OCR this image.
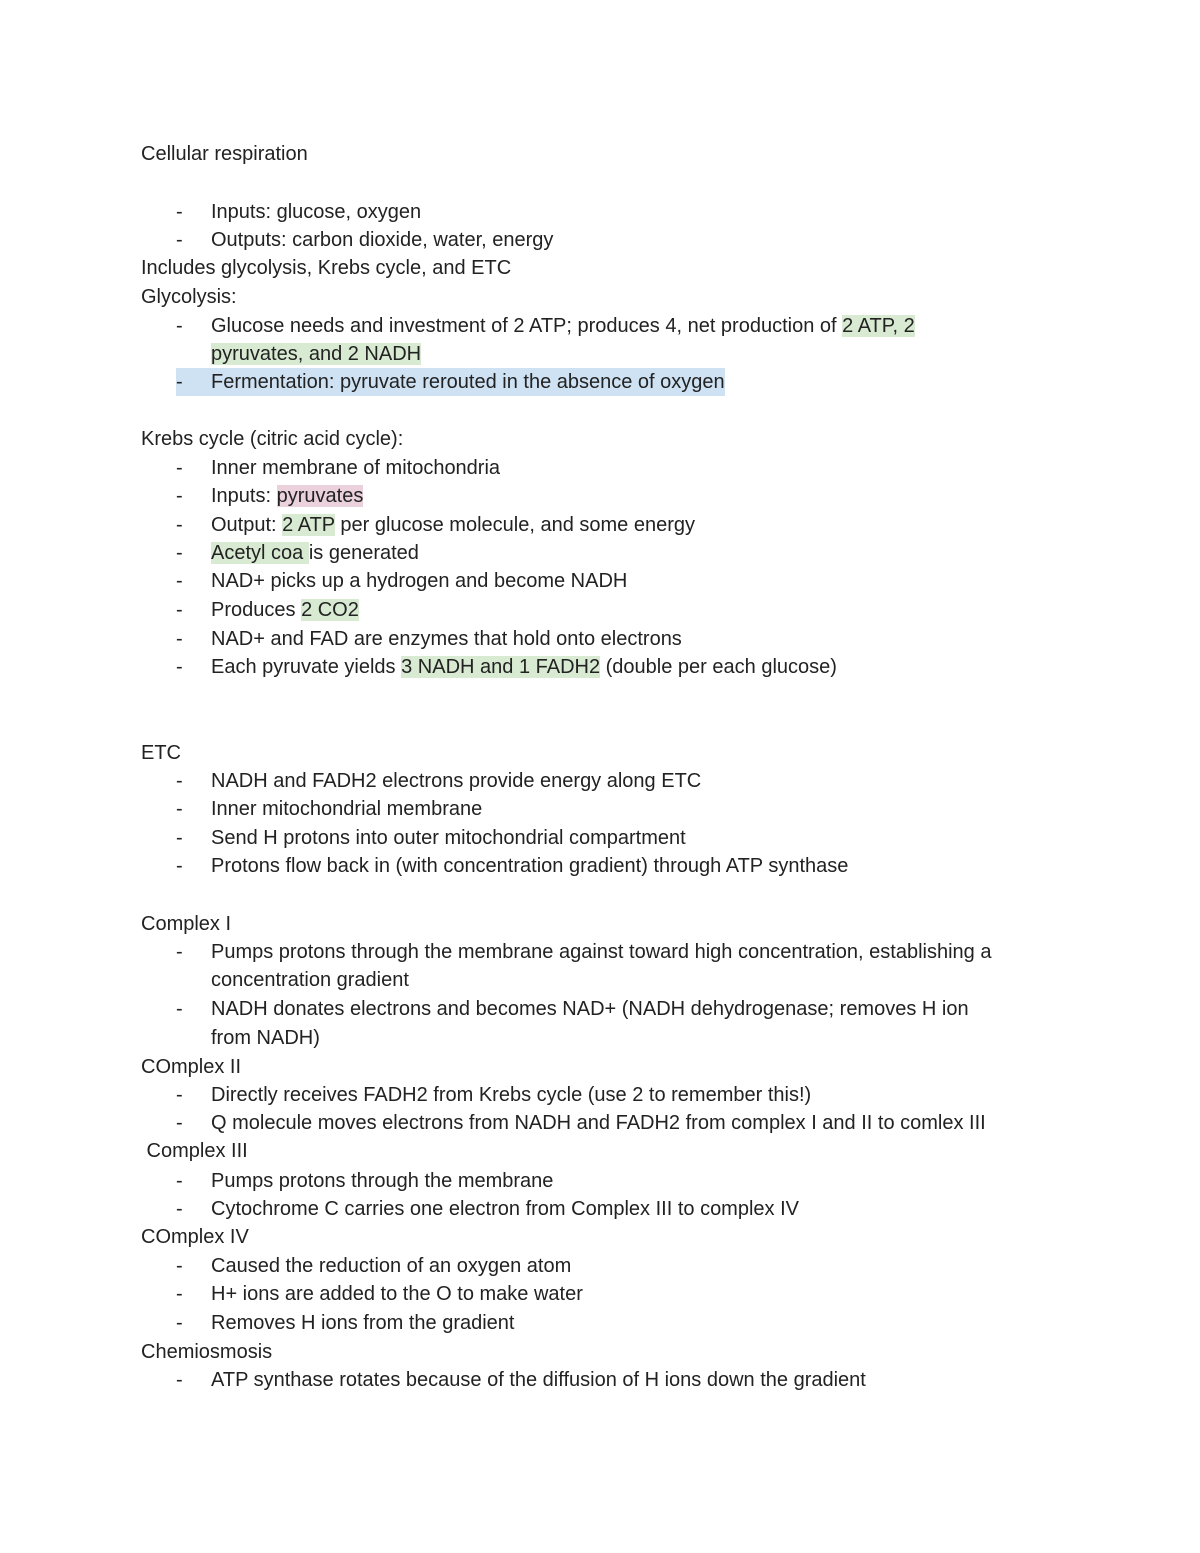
Cellular respiration
- Inputs: glucose, oxygen
- Outputs: carbon dioxide, water, energy
Includes glycolysis, Krebs cycle, and ETC
Glycolysis:
- Glucose needs and investment of 2 ATP; produces 4, net production of 2 ATP, 2
pyruvates, and 2 NADH
- Fermentation: pyruvate rerouted in the absence of oxygen
Krebs cycle (citric acid cycle):
- Inner membrane of mitochondria
- Inputs: pyruvates
- Output: 2 ATP per glucose molecule, and some energy
- Acetyl coa is generated
- NAD+ picks up a hydrogen and become NADH
- Produces 2 CO2
- NAD+ and FAD are enzymes that hold onto electrons
- Each pyruvate yields 3 NADH and 1 FADH2 (double per each glucose)
ETC
- NADH and FADH2 electrons provide energy along ETC
- Inner mitochondrial membrane
- Send H protons into outer mitochondrial compartment
- Protons flow back in (with concentration gradient) through ATP synthase
Complex I
- Pumps protons through the membrane against toward high concentration, establishing a
concentration gradient
- NADH donates electrons and becomes NAD+ (NADH dehydrogenase; removes H ion
from NADH)
COmplex II
- Directly receives FADH2 from Krebs cycle (use 2 to remember this!)
- Q molecule moves electrons from NADH and FADH2 from complex I and II to comlex III
Complex III
- Pumps protons through the membrane
- Cytochrome C carries one electron from Complex III to complex IV
COmplex IV
- Caused the reduction of an oxygen atom
- H+ ions are added to the O to make water
- Removes H ions from the gradient
Chemiosmosis
- ATP synthase rotates because of the diffusion of H ions down the gradient
